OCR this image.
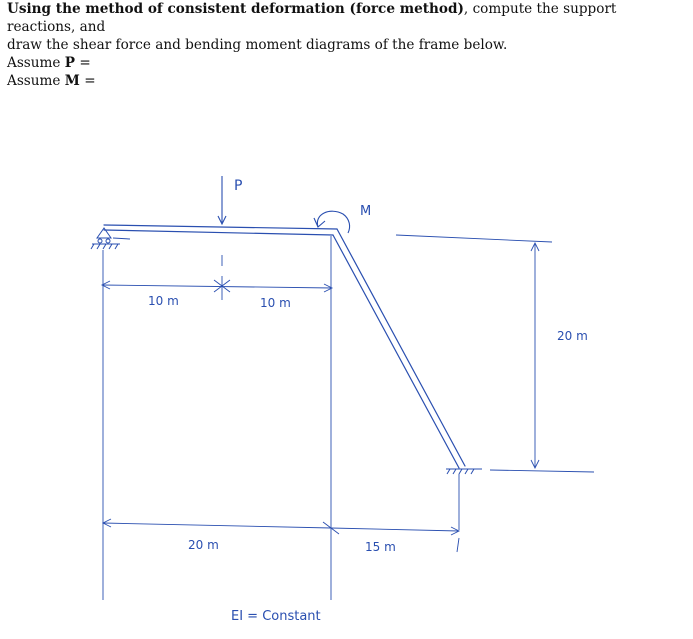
Using the method of consistent deformation (force method), compute the support reactions, and

draw the shear force and bending moment diagrams of the frame below.

Assume P =

Assume M =

P
M
10 m	10 m
20 m
20 m	15 m
EI = Constant
